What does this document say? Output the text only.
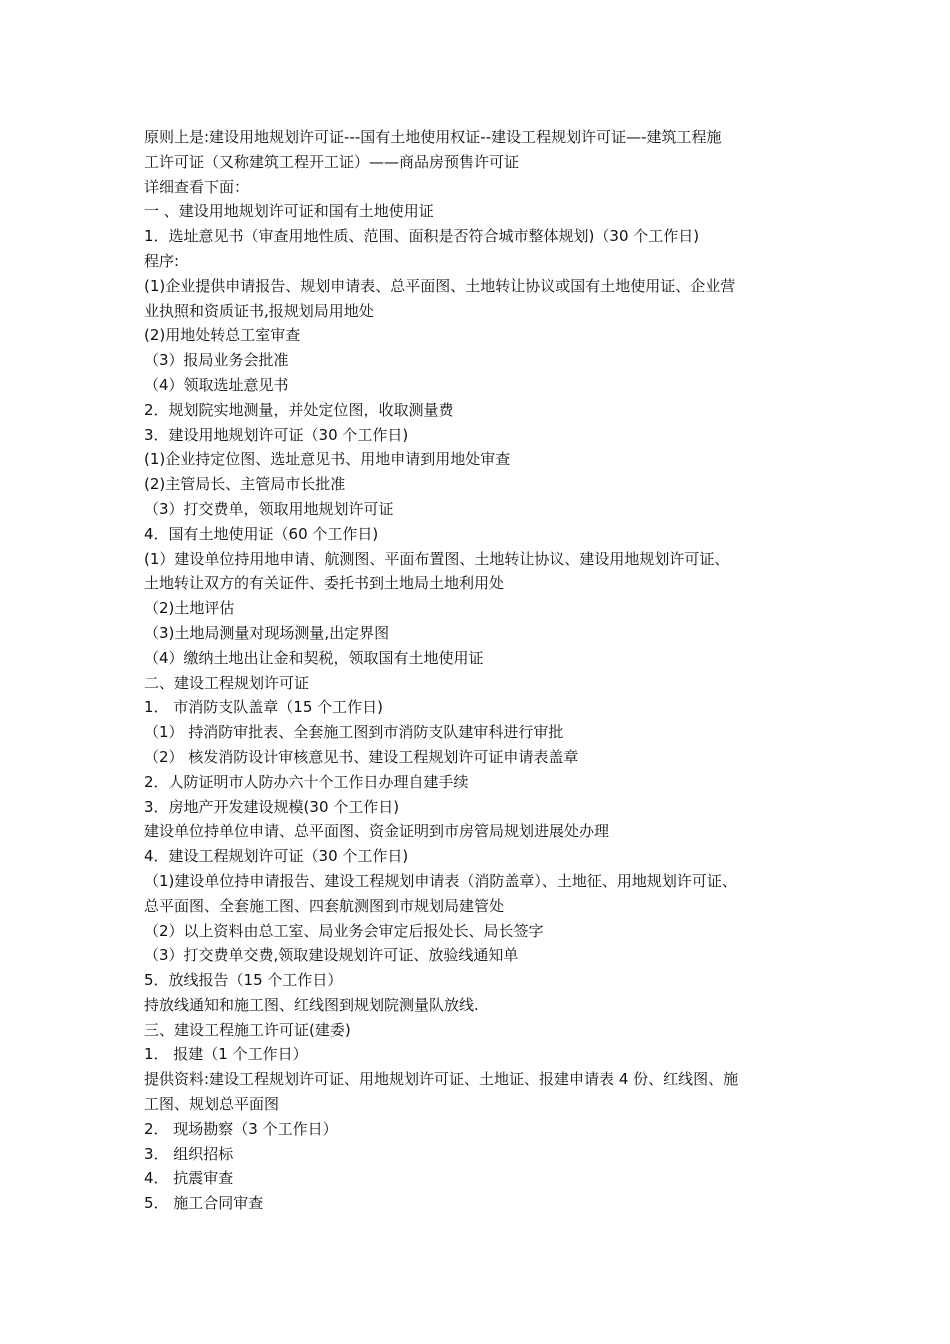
原则上是:建设用地规划许可证---国有土地使用权证--建设工程规划许可证—-建筑工程施
工许可证（又称建筑工程开工证）——商品房预售许可证
详细查看下面：
一 、建设用地规划许可证和国有土地使用证
1．选址意见书（审查用地性质、范围、面积是否符合城市整体规划)（30 个工作日)
程序:
(1)企业提供申请报告、规划申请表、总平面图、土地转让协议或国有土地使用证、企业营
业执照和资质证书,报规划局用地处
(2)用地处转总工室审查
（3）报局业务会批准
（4）领取选址意见书
2．规划院实地测量，并处定位图，收取测量费
3．建设用地规划许可证（30 个工作日)
(1)企业持定位图、选址意见书、用地申请到用地处审查
(2)主管局长、主管局市长批准
（3）打交费单，领取用地规划许可证
4．国有土地使用证（60 个工作日)
(1）建设单位持用地申请、航测图、平面布置图、土地转让协议、建设用地规划许可证、
土地转让双方的有关证件、委托书到土地局土地利用处
（2)土地评估
（3)土地局测量对现场测量,出定界图
（4）缴纳土地出让金和契税，领取国有土地使用证
二、建设工程规划许可证
1． 市消防支队盖章（15 个工作日)
（1） 持消防审批表、全套施工图到市消防支队建审科进行审批
（2） 核发消防设计审核意见书、建设工程规划许可证申请表盖章
2．人防证明市人防办六十个工作日办理自建手续
3．房地产开发建设规模(30 个工作日)
建设单位持单位申请、总平面图、资金证明到市房管局规划进展处办理
4．建设工程规划许可证（30 个工作日)
（1)建设单位持申请报告、建设工程规划申请表（消防盖章）、土地征、用地规划许可证、
总平面图、全套施工图、四套航测图到市规划局建管处
（2）以上资料由总工室、局业务会审定后报处长、局长签字
（3）打交费单交费,领取建设规划许可证、放验线通知单
5．放线报告（15 个工作日）
持放线通知和施工图、红线图到规划院测量队放线.
三、建设工程施工许可证(建委)
1． 报建（1 个工作日）
提供资料:建设工程规划许可证、用地规划许可证、土地证、报建申请表 4 份、红线图、施
工图、规划总平面图
2． 现场勘察（3 个工作日）
3． 组织招标
4． 抗震审查
5． 施工合同审查
